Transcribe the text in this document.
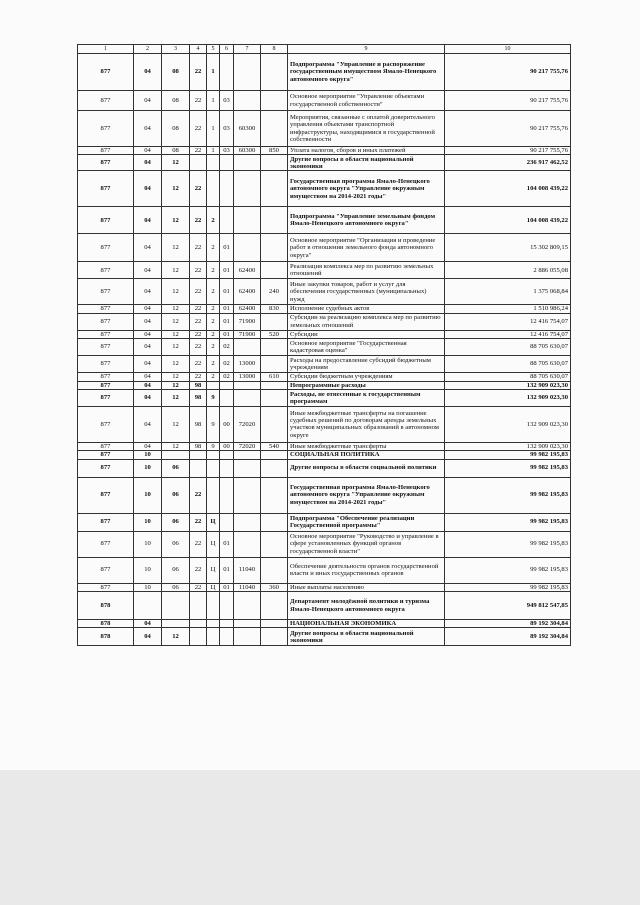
1	2	3	4	5	6	7	8	9	10
877	04	08	22	1				Подпрограмма "Управление и распоряжение государственным имуществом Ямало-Ненецкого автономного округа"	90 217 755,76
877	04	08	22	1	03			Основное мероприятие "Управление объектами государственной собственности"	90 217 755,76
877	04	08	22	1	03	60300		Мероприятия, связанные с оплатой доверительного управления объектами транспортной инфраструктуры, находящимися в государственной собственности	90 217 755,76
877	04	08	22	1	03	60300	850	Уплата налогов, сборов и иных платежей	90 217 755,76
877	04	12						Другие вопросы в области национальной экономики	236 917 462,52
877	04	12	22					Государственная программа Ямало-Ненецкого автономного округа "Управление окружным имуществом на 2014-2021 годы"	104 008 439,22
877	04	12	22	2				Подпрограмма "Управление земельным фондом Ямало-Ненецкого автономного округа"	104 008 439,22
877	04	12	22	2	01			Основное мероприятие "Организация и проведение работ в отношении земельного фонда автономного округа"	15 302 809,15
877	04	12	22	2	01	62400		Реализация комплекса мер по развитию земельных отношений	2 886 055,08
877	04	12	22	2	01	62400	240	Иные закупки товаров, работ и услуг для обеспечения государственных (муниципальных) нужд	1 375 068,84
877	04	12	22	2	01	62400	830	Исполнение судебных актов	1 510 986,24
877	04	12	22	2	01	71900		Субсидии на реализацию комплекса мер по развитию земельных отношений	12 416 754,07
877	04	12	22	2	01	71900	520	Субсидии	12 416 754,07
877	04	12	22	2	02			Основное мероприятие "Государственная кадастровая оценка"	88 705 630,07
877	04	12	22	2	02	13000		Расходы на предоставление субсидий бюджетным учреждениям	88 705 630,07
877	04	12	22	2	02	13000	610	Субсидии бюджетным учреждениям	88 705 630,07
877	04	12	98					Непрограммные расходы	132 909 023,30
877	04	12	98	9				Расходы, не отнесенные к государственным программам	132 909 023,30
877	04	12	98	9	00	72020		Иные межбюджетные трансферты на погашение судебных решений по договорам аренды земельных участков муниципальных образований в автономном округе	132 909 023,30
877	04	12	98	9	00	72020	540	Иные межбюджетные трансферты	132 909 023,30
877	10							СОЦИАЛЬНАЯ ПОЛИТИКА	99 982 195,83
877	10	06						Другие вопросы в области социальной политики	99 982 195,83
877	10	06	22					Государственная программа Ямало-Ненецкого автономного округа "Управление окружным имуществом на 2014-2021 годы"	99 982 195,83
877	10	06	22	Ц				Подпрограмма "Обеспечение реализации Государственной программы"	99 982 195,83
877	10	06	22	Ц	01			Основное мероприятие "Руководство и управление в сфере установленных функций органов государственной власти"	99 982 195,83
877	10	06	22	Ц	01	11040		Обеспечение деятельности органов государственной власти и иных государственных органов	99 982 195,83
877	10	06	22	Ц	01	11040	360	Иные выплаты населению	99 982 195,83
878								Департамент молодёжной политики и туризма Ямало-Ненецкого автономного округа	949 812 547,85
878	04							НАЦИОНАЛЬНАЯ ЭКОНОМИКА	89 192 304,84
878	04	12						Другие вопросы в области национальной экономики	89 192 304,84
